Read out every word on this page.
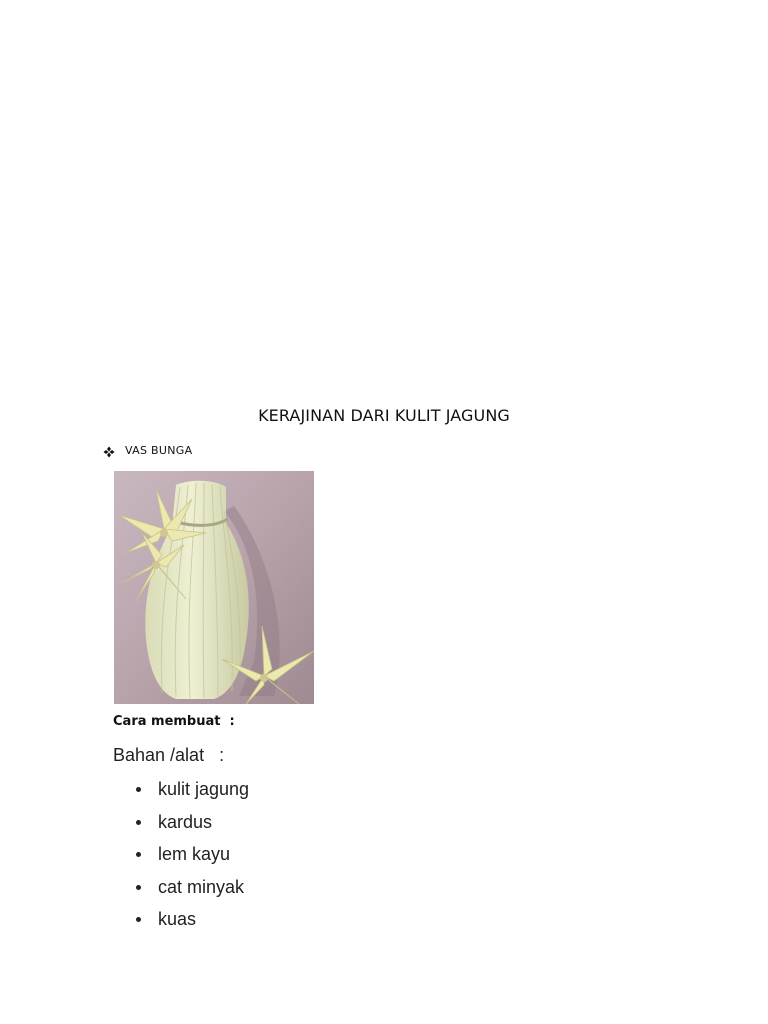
KERAJINAN DARI KULIT JAGUNG
VAS BUNGA
Cara membuat  :
Bahan /alat   :
kulit jagung
kardus
lem kayu
cat minyak
kuas
